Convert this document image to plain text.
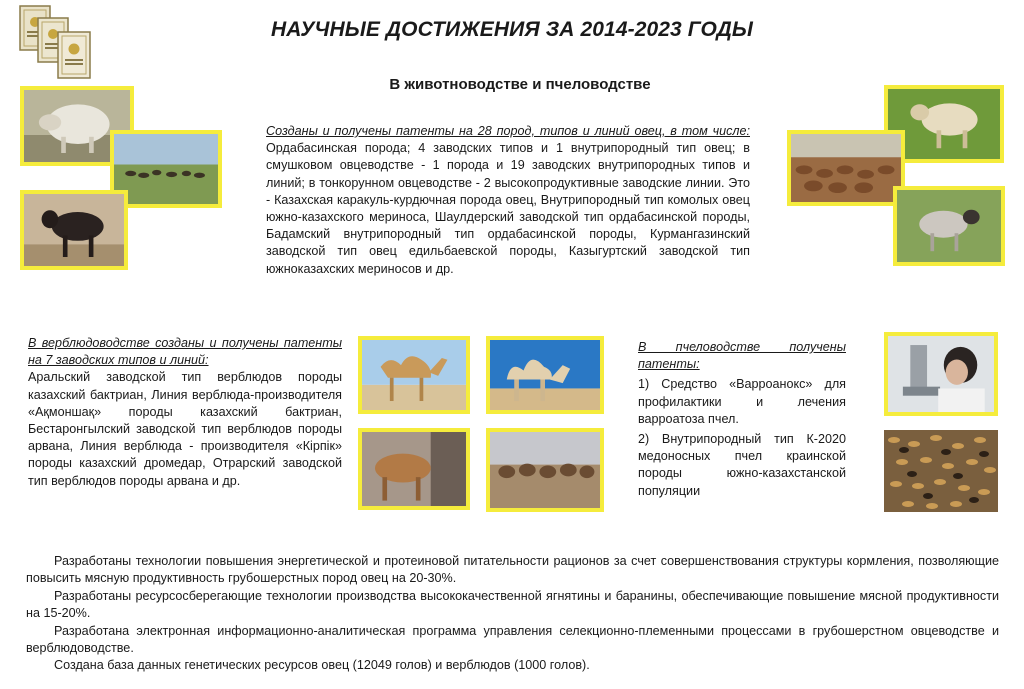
НАУЧНЫЕ ДОСТИЖЕНИЯ ЗА 2014-2023 ГОДЫ
В животноводстве и пчеловодстве
Созданы и получены патенты на 28 пород, типов и линий овец, в том числе: Ордабасинская порода; 4 заводских типов и 1 внутрипородный тип овец; в смушковом овцеводстве - 1 порода и 19 заводских внутрипородных типов и линий; в тонкорунном овцеводстве - 2 высокопродуктивные заводские линии. Это - Казахская каракуль-курдючная порода овец, Внутрипородный тип комолых овец южно-казахского мериноса, Шаулдерский заводской тип ордабасинской породы, Бадамский внутрипородный тип ордабасинской породы, Курмангазинский заводской тип овец едильбаевской породы, Казыгуртский заводской тип южноказахских мериносов и др.
В верблюдоводстве созданы и получены патенты на 7 заводских типов и линий:
Аральский заводской тип верблюдов породы казахский бактриан, Линия верблюда-производителя «Ақмоншақ» породы казахский бактриан, Бестаронгылский заводской тип верблюдов породы арвана, Линия верблюда - производителя «Кірпік» породы казахский дромедар, Отрарский заводской тип верблюдов породы арвана и др.
В пчеловодстве получены патенты:

1) Средство «Варроанокс» для профилактики и лечения варроатоза пчел.

2) Внутрипородный тип К-2020 медоносных пчел краинской породы южно-казахстанской популяции

Разработаны технологии повышения энергетической и протеиновой питательности рационов за счет совершенствования структуры кормления, позволяющие повысить мясную продуктивность грубошерстных пород овец на 20-30%.

Разработаны ресурсосберегающие технологии производства высококачественной ягнятины и баранины, обеспечивающие повышение мясной продуктивности на 15-20%.

Разработана электронная информационно-аналитическая программа управления селекционно-племенными процессами в грубошерстном овцеводстве и верблюдоводстве.

Создана база данных генетических ресурсов овец (12049 голов) и верблюдов (1000 голов).
